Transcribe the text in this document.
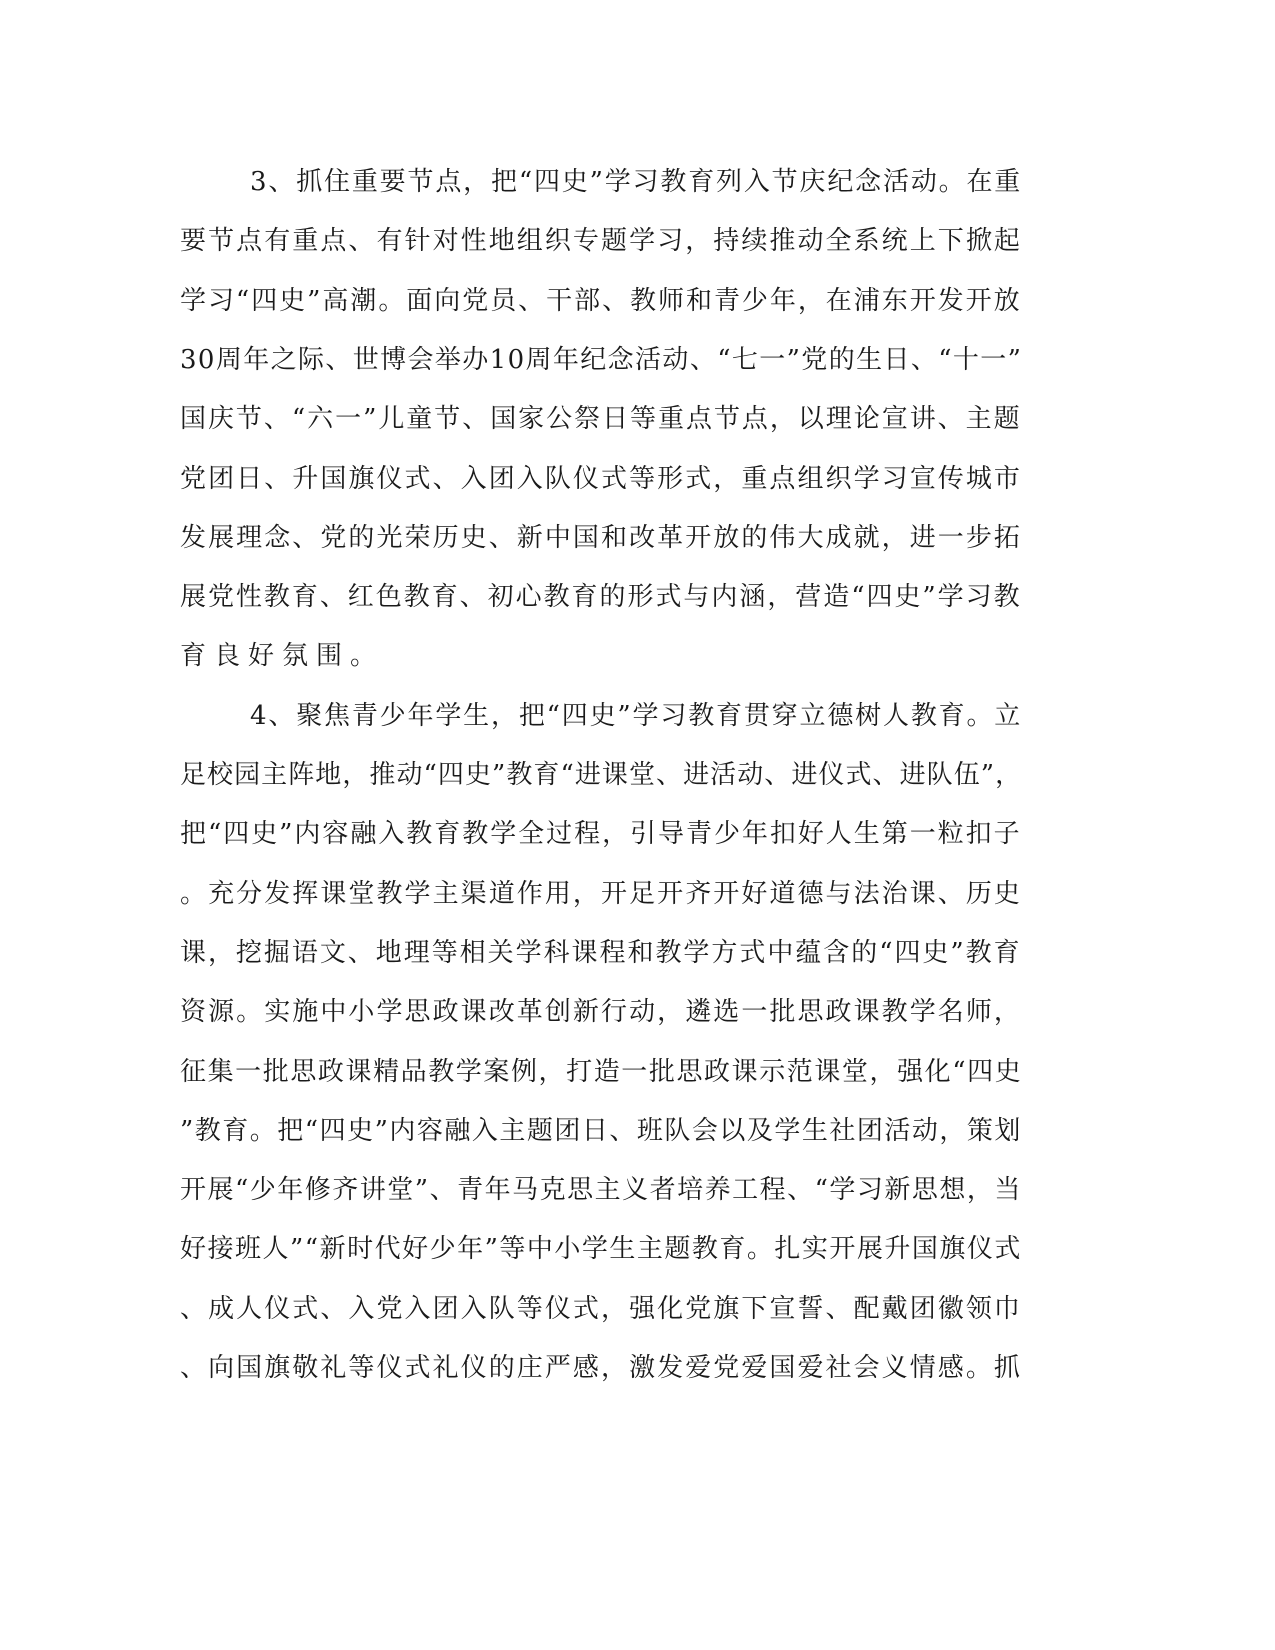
3、抓住重要节点，把“四史”学习教育列入节庆纪念活动。在重

要节点有重点、有针对性地组织专题学习，持续推动全系统上下掀起

学习“四史”高潮。面向党员、干部、教师和青少年，在浦东开发开放

30周年之际、世博会举办10周年纪念活动、“七一”党的生日、“十一”

国庆节、“六一”儿童节、国家公祭日等重点节点，以理论宣讲、主题

党团日、升国旗仪式、入团入队仪式等形式，重点组织学习宣传城市

发展理念、党的光荣历史、新中国和改革开放的伟大成就，进一步拓

展党性教育、红色教育、初心教育的形式与内涵，营造“四史”学习教

育良好氛围。

4、聚焦青少年学生，把“四史”学习教育贯穿立德树人教育。立

足校园主阵地，推动“四史”教育“进课堂、进活动、进仪式、进队伍”，

把“四史”内容融入教育教学全过程，引导青少年扣好人生第一粒扣子

。充分发挥课堂教学主渠道作用，开足开齐开好道德与法治课、历史

课，挖掘语文、地理等相关学科课程和教学方式中蕴含的“四史”教育

资源。实施中小学思政课改革创新行动，遴选一批思政课教学名师，

征集一批思政课精品教学案例，打造一批思政课示范课堂，强化“四史

”教育。把“四史”内容融入主题团日、班队会以及学生社团活动，策划

开展“少年修齐讲堂”、青年马克思主义者培养工程、“学习新思想，当

好接班人”“新时代好少年”等中小学生主题教育。扎实开展升国旗仪式

、成人仪式、入党入团入队等仪式，强化党旗下宣誓、配戴团徽领巾

、向国旗敬礼等仪式礼仪的庄严感，激发爱党爱国爱社会义情感。抓
